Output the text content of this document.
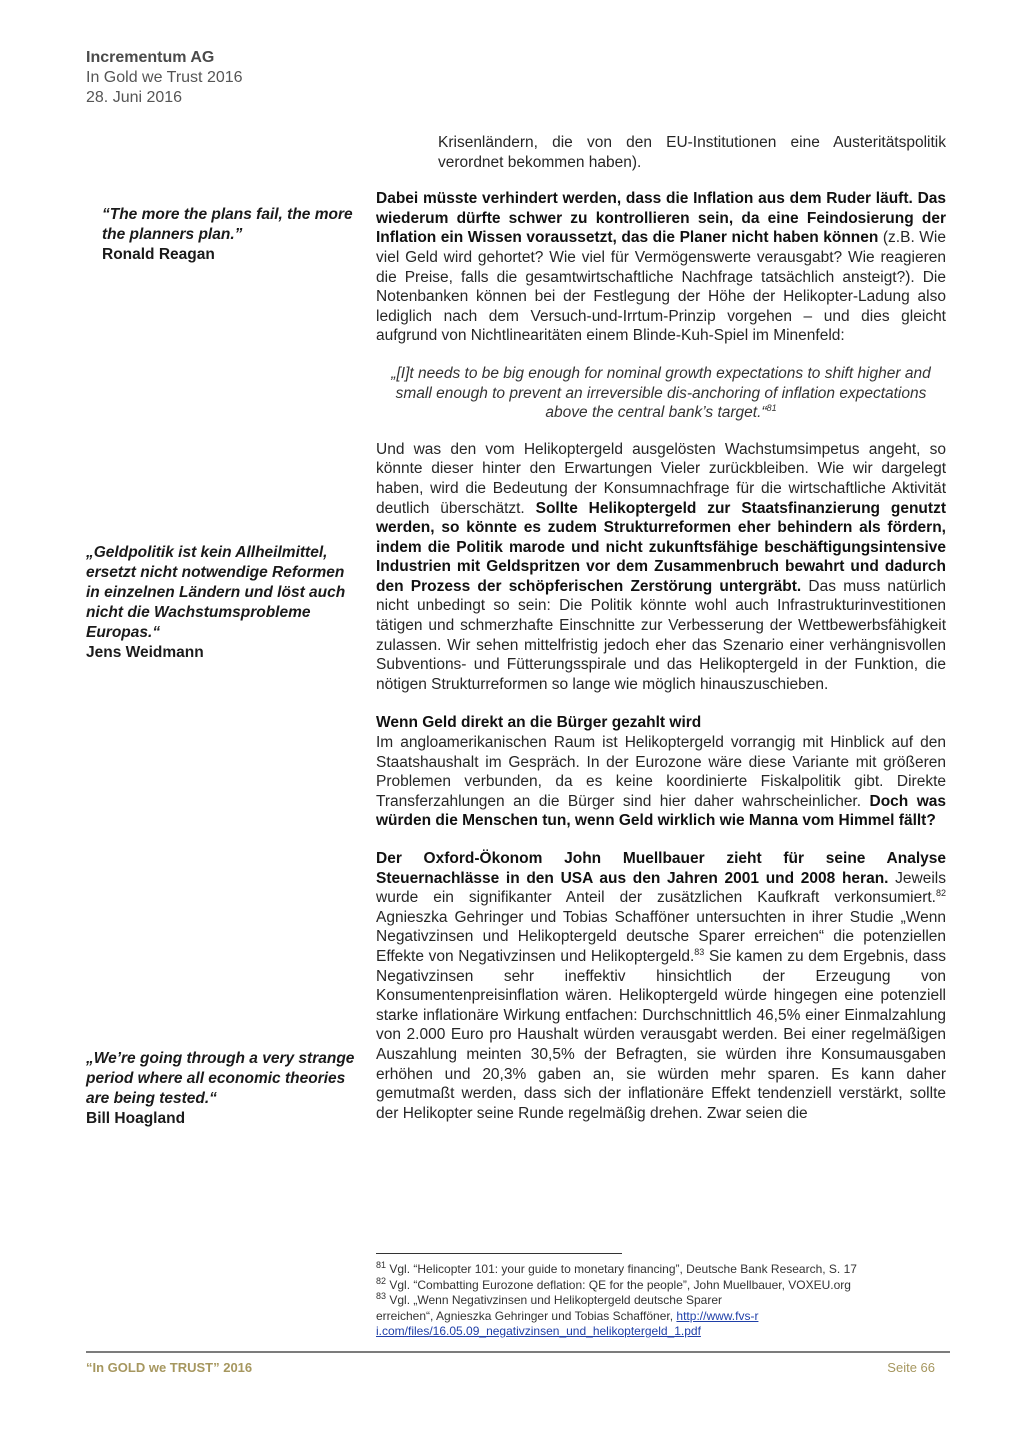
Incrementum AG
In Gold we Trust 2016
28. Juni 2016
“The more the plans fail, the more the planners plan.”
Ronald Reagan
„Geldpolitik ist kein Allheilmittel, ersetzt nicht notwendige Reformen in einzelnen Ländern und löst auch nicht die Wachstumsprobleme Europas.“
Jens Weidmann
„We’re going through a very strange period where all economic theories are being tested.“
Bill Hoagland

Krisenländern, die von den EU-Institutionen eine Austeritätspolitik verordnet bekommen haben).

Dabei müsste verhindert werden, dass die Inflation aus dem Ruder läuft. Das wiederum dürfte schwer zu kontrollieren sein, da eine Feindosierung der Inflation ein Wissen voraussetzt, das die Planer nicht haben können (z.B. Wie viel Geld wird gehortet? Wie viel für Vermögenswerte verausgabt? Wie reagieren die Preise, falls die gesamtwirtschaftliche Nachfrage tatsächlich ansteigt?). Die Notenbanken können bei der Festlegung der Höhe der Helikopter-Ladung also lediglich nach dem Versuch-und-Irrtum-Prinzip vorgehen – und dies gleicht aufgrund von Nichtlinearitäten einem Blinde-Kuh-Spiel im Minenfeld:

„[I]t needs to be big enough for nominal growth expectations to shift higher and small enough to prevent an irreversible dis-anchoring of inflation expectations above the central bank’s target.“$^{81}$

Und was den vom Helikoptergeld ausgelösten Wachstumsimpetus angeht, so könnte dieser hinter den Erwartungen Vieler zurückbleiben. Wie wir dargelegt haben, wird die Bedeutung der Konsumnachfrage für die wirtschaftliche Aktivität deutlich überschätzt. Sollte Helikoptergeld zur Staatsfinanzierung genutzt werden, so könnte es zudem Strukturreformen eher behindern als fördern, indem die Politik marode und nicht zukunftsfähige beschäftigungsintensive Industrien mit Geldspritzen vor dem Zusammenbruch bewahrt und dadurch den Prozess der schöpferischen Zerstörung untergräbt. Das muss natürlich nicht unbedingt so sein: Die Politik könnte wohl auch Infrastrukturinvestitionen tätigen und schmerzhafte Einschnitte zur Verbesserung der Wettbewerbsfähigkeit zulassen. Wir sehen mittelfristig jedoch eher das Szenario einer verhängnisvollen Subventions- und Fütterungsspirale und das Helikoptergeld in der Funktion, die nötigen Strukturreformen so lange wie möglich hinauszuschieben.

Wenn Geld direkt an die Bürger gezahlt wird

Im angloamerikanischen Raum ist Helikoptergeld vorrangig mit Hinblick auf den Staatshaushalt im Gespräch. In der Eurozone wäre diese Variante mit größeren Problemen verbunden, da es keine koordinierte Fiskalpolitik gibt. Direkte Transferzahlungen an die Bürger sind hier daher wahrscheinlicher. Doch was würden die Menschen tun, wenn Geld wirklich wie Manna vom Himmel fällt?

Der Oxford-Ökonom John Muellbauer zieht für seine Analyse Steuernachlässe in den USA aus den Jahren 2001 und 2008 heran. Jeweils wurde ein signifikanter Anteil der zusätzlichen Kaufkraft verkonsumiert.$^{82}$ Agnieszka Gehringer und Tobias Schafföner untersuchten in ihrer Studie „Wenn Negativzinsen und Helikoptergeld deutsche Sparer erreichen“ die potenziellen Effekte von Negativzinsen und Helikoptergeld.$^{83}$ Sie kamen zu dem Ergebnis, dass Negativzinsen sehr ineffektiv hinsichtlich der Erzeugung von Konsumentenpreisinflation wären. Helikoptergeld würde hingegen eine potenziell starke inflationäre Wirkung entfachen: Durchschnittlich 46,5% einer Einmalzahlung von 2.000 Euro pro Haushalt würden verausgabt werden. Bei einer regelmäßigen Auszahlung meinten 30,5% der Befragten, sie würden ihre Konsumausgaben erhöhen und 20,3% gaben an, sie würden mehr sparen. Es kann daher gemutmaßt werden, dass sich der inflationäre Effekt tendenziell verstärkt, sollte der Helikopter seine Runde regelmäßig drehen. Zwar seien die

$^{81}$ Vgl. “Helicopter 101: your guide to monetary financing”, Deutsche Bank Research, S. 17
$^{82}$ Vgl. “Combatting Eurozone deflation: QE for the people”, John Muellbauer, VOXEU.org
$^{83}$ Vgl. „Wenn Negativzinsen und Helikoptergeld deutsche Sparer erreichen“, Agnieszka Gehringer und Tobias Schafföner, http://www.fvs-ri.com/files/16.05.09_negativzinsen_und_helikoptergeld_1.pdf
“In GOLD we TRUST” 2016	Seite 66
